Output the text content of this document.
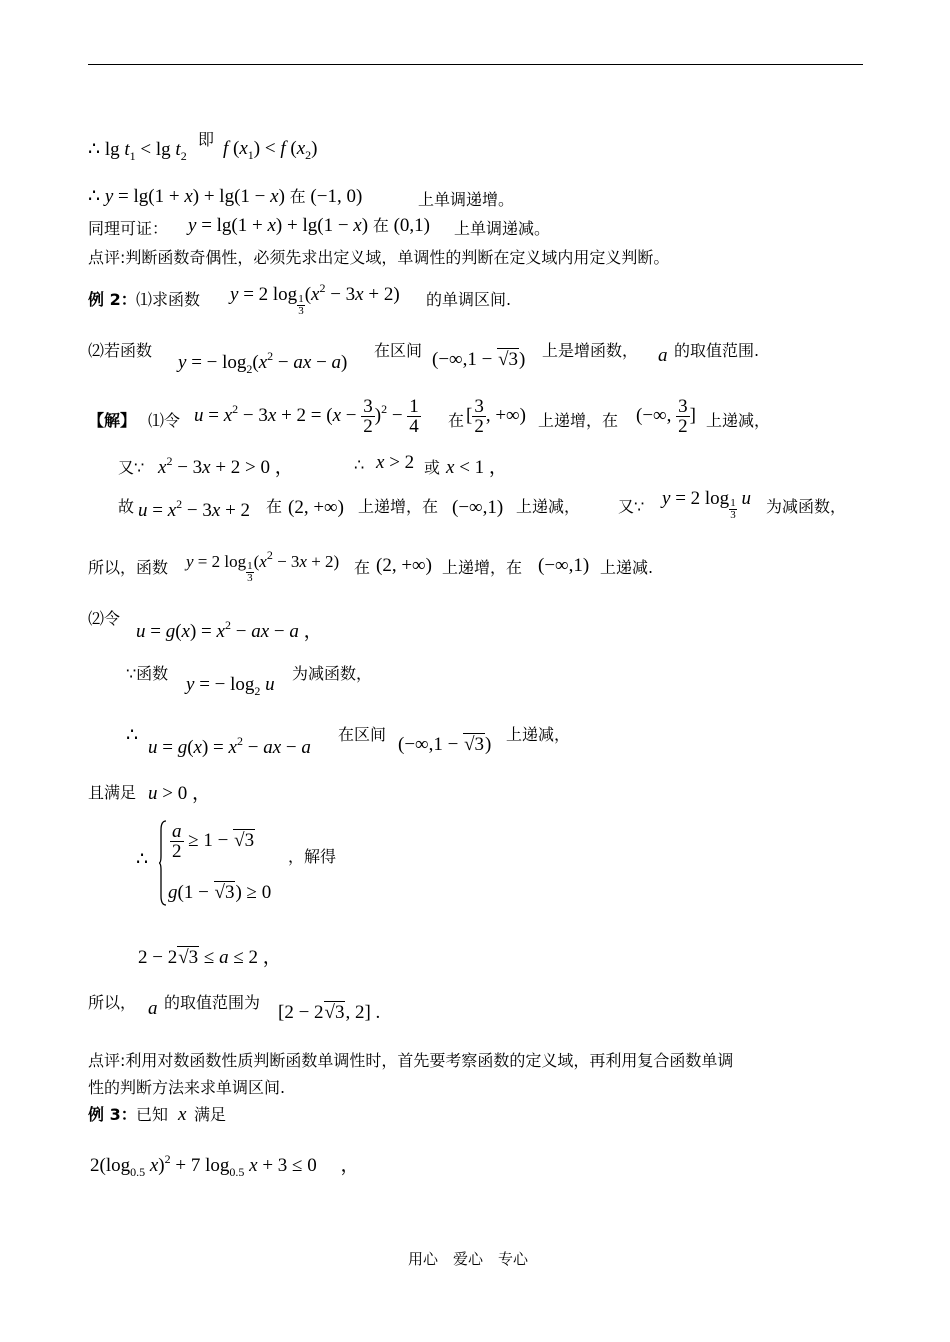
∴ $\lg t_1 < \lg t_2$
即 f $(x_1) < f$ $(x_2)$
∴ y = lg(1 + x) + lg(1 − x) 在 (−1, 0)	上单调递增。
同理可证： y = lg(1 + x) + lg(1 − x) 在 (0,1) 上单调递减。
点评:判断函数奇偶性，必须先求出定义域，单调性的判断在定义域内用定义判断。
例 2： ⑴求函数 y = 2 $\log \frac{1}{3} (x^2 - 3x + 2)$ 的单调区间.
⑵若函数
y = − $\log_2(x^2$ − ax − a)
在区间 (−∞,1 − √3) 上是增函数， a 的取值范围.
【解】 ⑴令 $u = x^2 - 3x + 2 = (x - \frac{3}{2} )^2 - \frac{1}{4}$ 在 [ $\frac{3}{2}$ , +∞) 上递增，在 (−∞, $\frac{3}{2}$ ] 上递减，
又∵ $x^2 - 3x + 2 > 0$ ，	∴ x > 2 或 x < 1 ，
故 $u = x^2 - 3x + 2$ 在 (2, +∞) 上递增，在 (−∞,1) 上递减， 又∵ y = 2 $\log \frac{1}{3}$ u 为减函数，
所以，函数 y = 2 $\log \frac{1}{3} (x^2 - 3x + 2)$ 在 (2, +∞) 上递增，在 (−∞,1) 上递减.
⑵令
$u = g(x) = x^2$ − ax − a ，
∵函数
y = − $\log_2 u$
为减函数，
∴
$u = g(x) = x^2$ − ax − a
在区间 (−∞,1 − √3) 上递减，
且满足 u > 0 ，
∴ $\frac{a}{2} \ge 1 - √3$
，解得
g(1 − √3) ≥ 0
2 − 2√3 ≤ a ≤ 2 ，
所以， a 的取值范围为 [2 − 2√3, 2] .
点评:利用对数函数性质判断函数单调性时，首先要考察函数的定义域，再利用复合函数单调
性的判断方法来求单调区间.
例 3： 已知 x 满足
$2(\log_{0.5}$ x)$^2$ + 7 $\log_{0.5} x + 3 \le 0$ 　，
用心　爱心　专心
